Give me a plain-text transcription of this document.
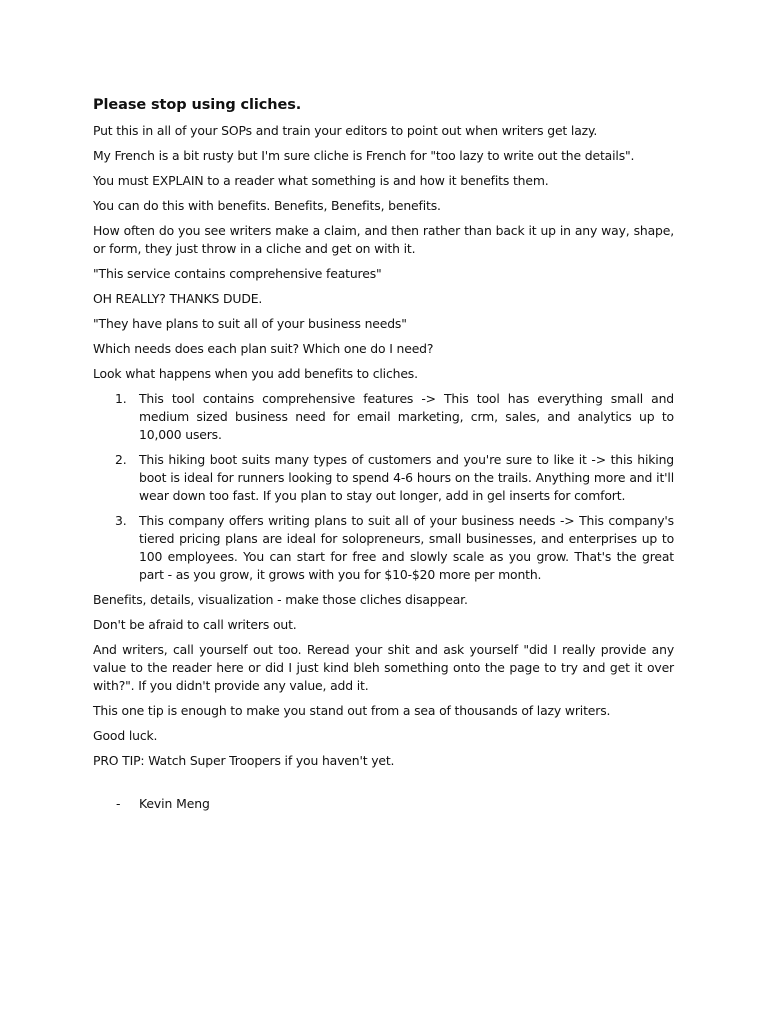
Please stop using cliches.

Put this in all of your SOPs and train your editors to point out when writers get lazy.

My French is a bit rusty but I'm sure cliche is French for "too lazy to write out the details".

You must EXPLAIN to a reader what something is and how it benefits them.

You can do this with benefits. Benefits, Benefits, benefits.

How often do you see writers make a claim, and then rather than back it up in any way, shape, or form, they just throw in a cliche and get on with it.

"This service contains comprehensive features"

OH REALLY? THANKS DUDE.

"They have plans to suit all of your business needs"

Which needs does each plan suit? Which one do I need?

Look what happens when you add benefits to cliches.

1. This tool contains comprehensive features -> This tool has everything small and medium sized business need for email marketing, crm, sales, and analytics up to 10,000 users.
2. This hiking boot suits many types of customers and you're sure to like it -> this hiking boot is ideal for runners looking to spend 4-6 hours on the trails. Anything more and it'll wear down too fast. If you plan to stay out longer, add in gel inserts for comfort.
3. This company offers writing plans to suit all of your business needs -> This company's tiered pricing plans are ideal for solopreneurs, small businesses, and enterprises up to 100 employees. You can start for free and slowly scale as you grow. That's the great part - as you grow, it grows with you for $10-$20 more per month.

Benefits, details, visualization - make those cliches disappear.

Don't be afraid to call writers out.

And writers, call yourself out too. Reread your shit and ask yourself "did I really provide any value to the reader here or did I just kind bleh something onto the page to try and get it over with?". If you didn't provide any value, add it.

This one tip is enough to make you stand out from a sea of thousands of lazy writers.

Good luck.

PRO TIP: Watch Super Troopers if you haven't yet.

- Kevin Meng
